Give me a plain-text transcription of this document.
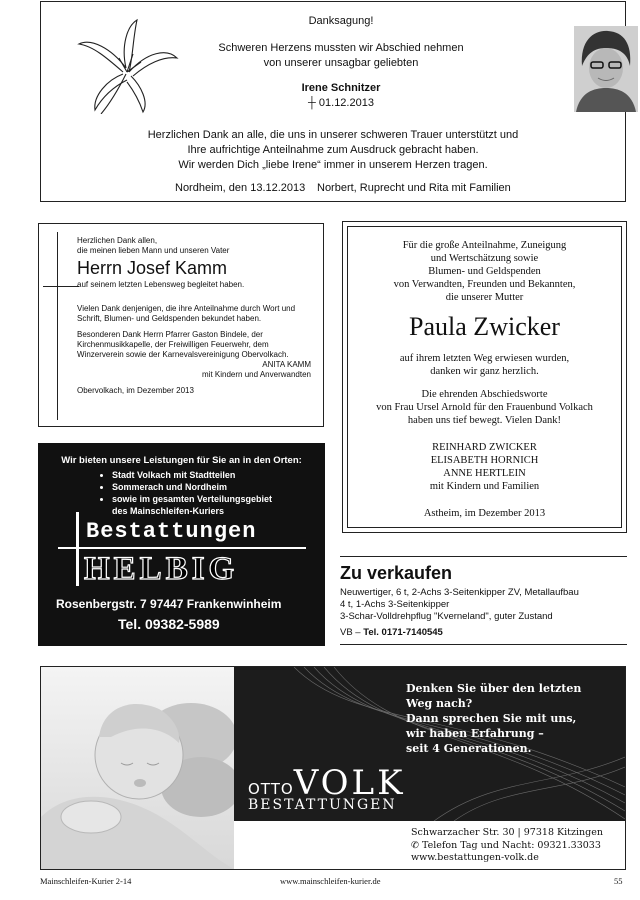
Danksagung!

Schweren Herzens mussten wir Abschied nehmen

von unserer unsagbar geliebten

Irene Schnitzer

┼ 01.12.2013

Herzlichen Dank an alle, die uns in unserer schweren Trauer unterstützt und

Ihre aufrichtige Anteilnahme zum Ausdruck gebracht haben.

Wir werden Dich „liebe Irene“ immer in unserem Herzen tragen.

Nordheim, den 13.12.2013 Norbert, Ruprecht und Rita mit Familien

Herzlichen Dank allen,

die meinen lieben Mann und unseren Vater

Herrn Josef Kamm

auf seinem letzten Lebensweg begleitet haben.

Vielen Dank denjenigen, die ihre Anteilnahme durch Wort und Schrift, Blumen- und Geldspenden bekundet haben.

Besonderen Dank Herrn Pfarrer Gaston Bindele, der Kirchenmusikkapelle, der Freiwilligen Feuerwehr, dem Winzerverein sowie der Karnevalsvereinigung Obervolkach.

ANITA KAMM

mit Kindern und Anverwandten

Obervolkach, im Dezember 2013

Für die große Anteilnahme, Zuneigung

und Wertschätzung sowie

Blumen- und Geldspenden

von Verwandten, Freunden und Bekannten,

die unserer Mutter

Paula Zwicker

auf ihrem letzten Weg erwiesen wurden,

danken wir ganz herzlich.

Die ehrenden Abschiedsworte

von Frau Ursel Arnold für den Frauenbund Volkach

haben uns tief bewegt. Vielen Dank!

REINHARD ZWICKER

ELISABETH HORNICH

ANNE HERTLEIN

mit Kindern und Familien

Astheim, im Dezember 2013

Wir bieten unsere Leistungen für Sie an in den Orten:
• Stadt Volkach mit Stadtteilen
• Sommerach und Nordheim
• sowie im gesamten Verteilungsgebiet
des Mainschleifen-Kuriers
Bestattungen
HELBIG
Rosenbergstr. 7 97447 Frankenwinheim
Tel. 09382-5989
Zu verkaufen

Neuwertiger, 6 t, 2-Achs 3-Seitenkipper ZV, Metallaufbau

4 t, 1-Achs 3-Seitenkipper

3-Schar-Volldrehpflug "Kverneland", guter Zustand

VB – Tel. 0171-7140545

Denken Sie über den letzten

Weg nach?

Dann sprechen Sie mit uns,

wir haben Erfahrung –

seit 4 Generationen.

OTTOVOLK
BESTATTUNGEN

Schwarzacher Str. 30 | 97318 Kitzingen

✆ Telefon Tag und Nacht: 09321.33033

www.bestattungen-volk.de

Mainschleifen-Kurier 2-14	www.mainschleifen-kurier.de	55
